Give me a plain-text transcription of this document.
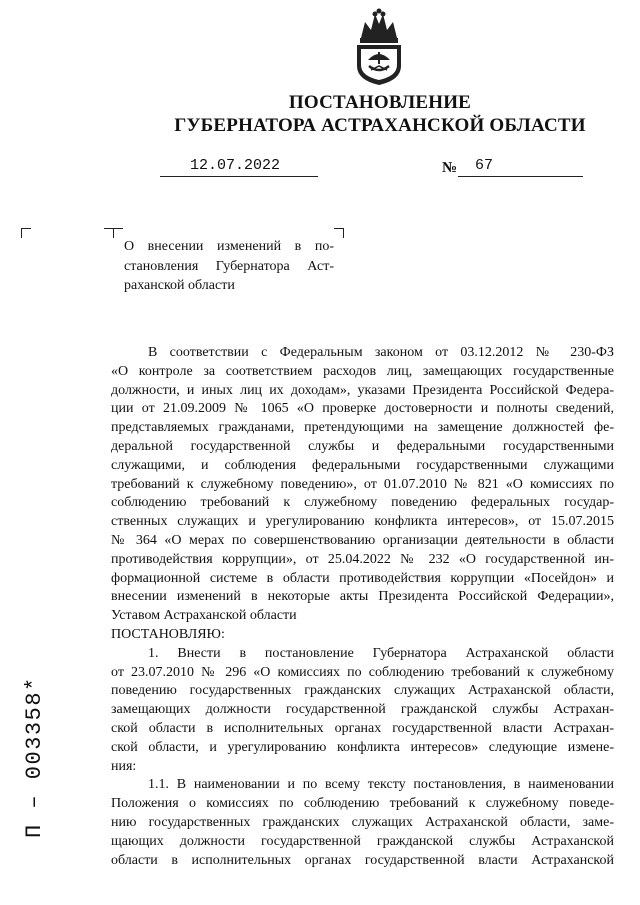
ПОСТАНОВЛЕНИЕ
ГУБЕРНАТОРА АСТРАХАНСКОЙ ОБЛАСТИ
12.07.2022	№ 67
О внесении изменений в по-
становления Губернатора Аст-
раханской области
В соответствии с Федеральным законом от 03.12.2012 № 230-ФЗ
«О контроле за соответствием расходов лиц, замещающих государственные
должности, и иных лиц их доходам», указами Президента Российской Федера-
ции от 21.09.2009 № 1065 «О проверке достоверности и полноты сведений,
представляемых гражданами, претендующими на замещение должностей фе-
деральной государственной службы и федеральными государственными
служащими, и соблюдения федеральными государственными служащими
требований к служебному поведению», от 01.07.2010 № 821 «О комиссиях по
соблюдению требований к служебному поведению федеральных государ-
ственных служащих и урегулированию конфликта интересов», от 15.07.2015
№ 364 «О мерах по совершенствованию организации деятельности в области
противодействия коррупции», от 25.04.2022 № 232 «О государственной ин-
формационной системе в области противодействия коррупции «Посейдон» и
внесении изменений в некоторые акты Президента Российской Федерации»,
Уставом Астраханской области
ПОСТАНОВЛЯЮ:
1. Внести в постановление Губернатора Астраханской области
от 23.07.2010 № 296 «О комиссиях по соблюдению требований к служебному
поведению государственных гражданских служащих Астраханской области,
замещающих должности государственной гражданской службы Астрахан-
ской области в исполнительных органах государственной власти Астрахан-
ской области, и урегулированию конфликта интересов» следующие измене-
ния:
1.1. В наименовании и по всему тексту постановления, в наименовании
Положения о комиссиях по соблюдению требований к служебному поведе-
нию государственных гражданских служащих Астраханской области, заме-
щающих должности государственной гражданской службы Астраханской
области в исполнительных органах государственной власти Астраханской
П – 003358*
